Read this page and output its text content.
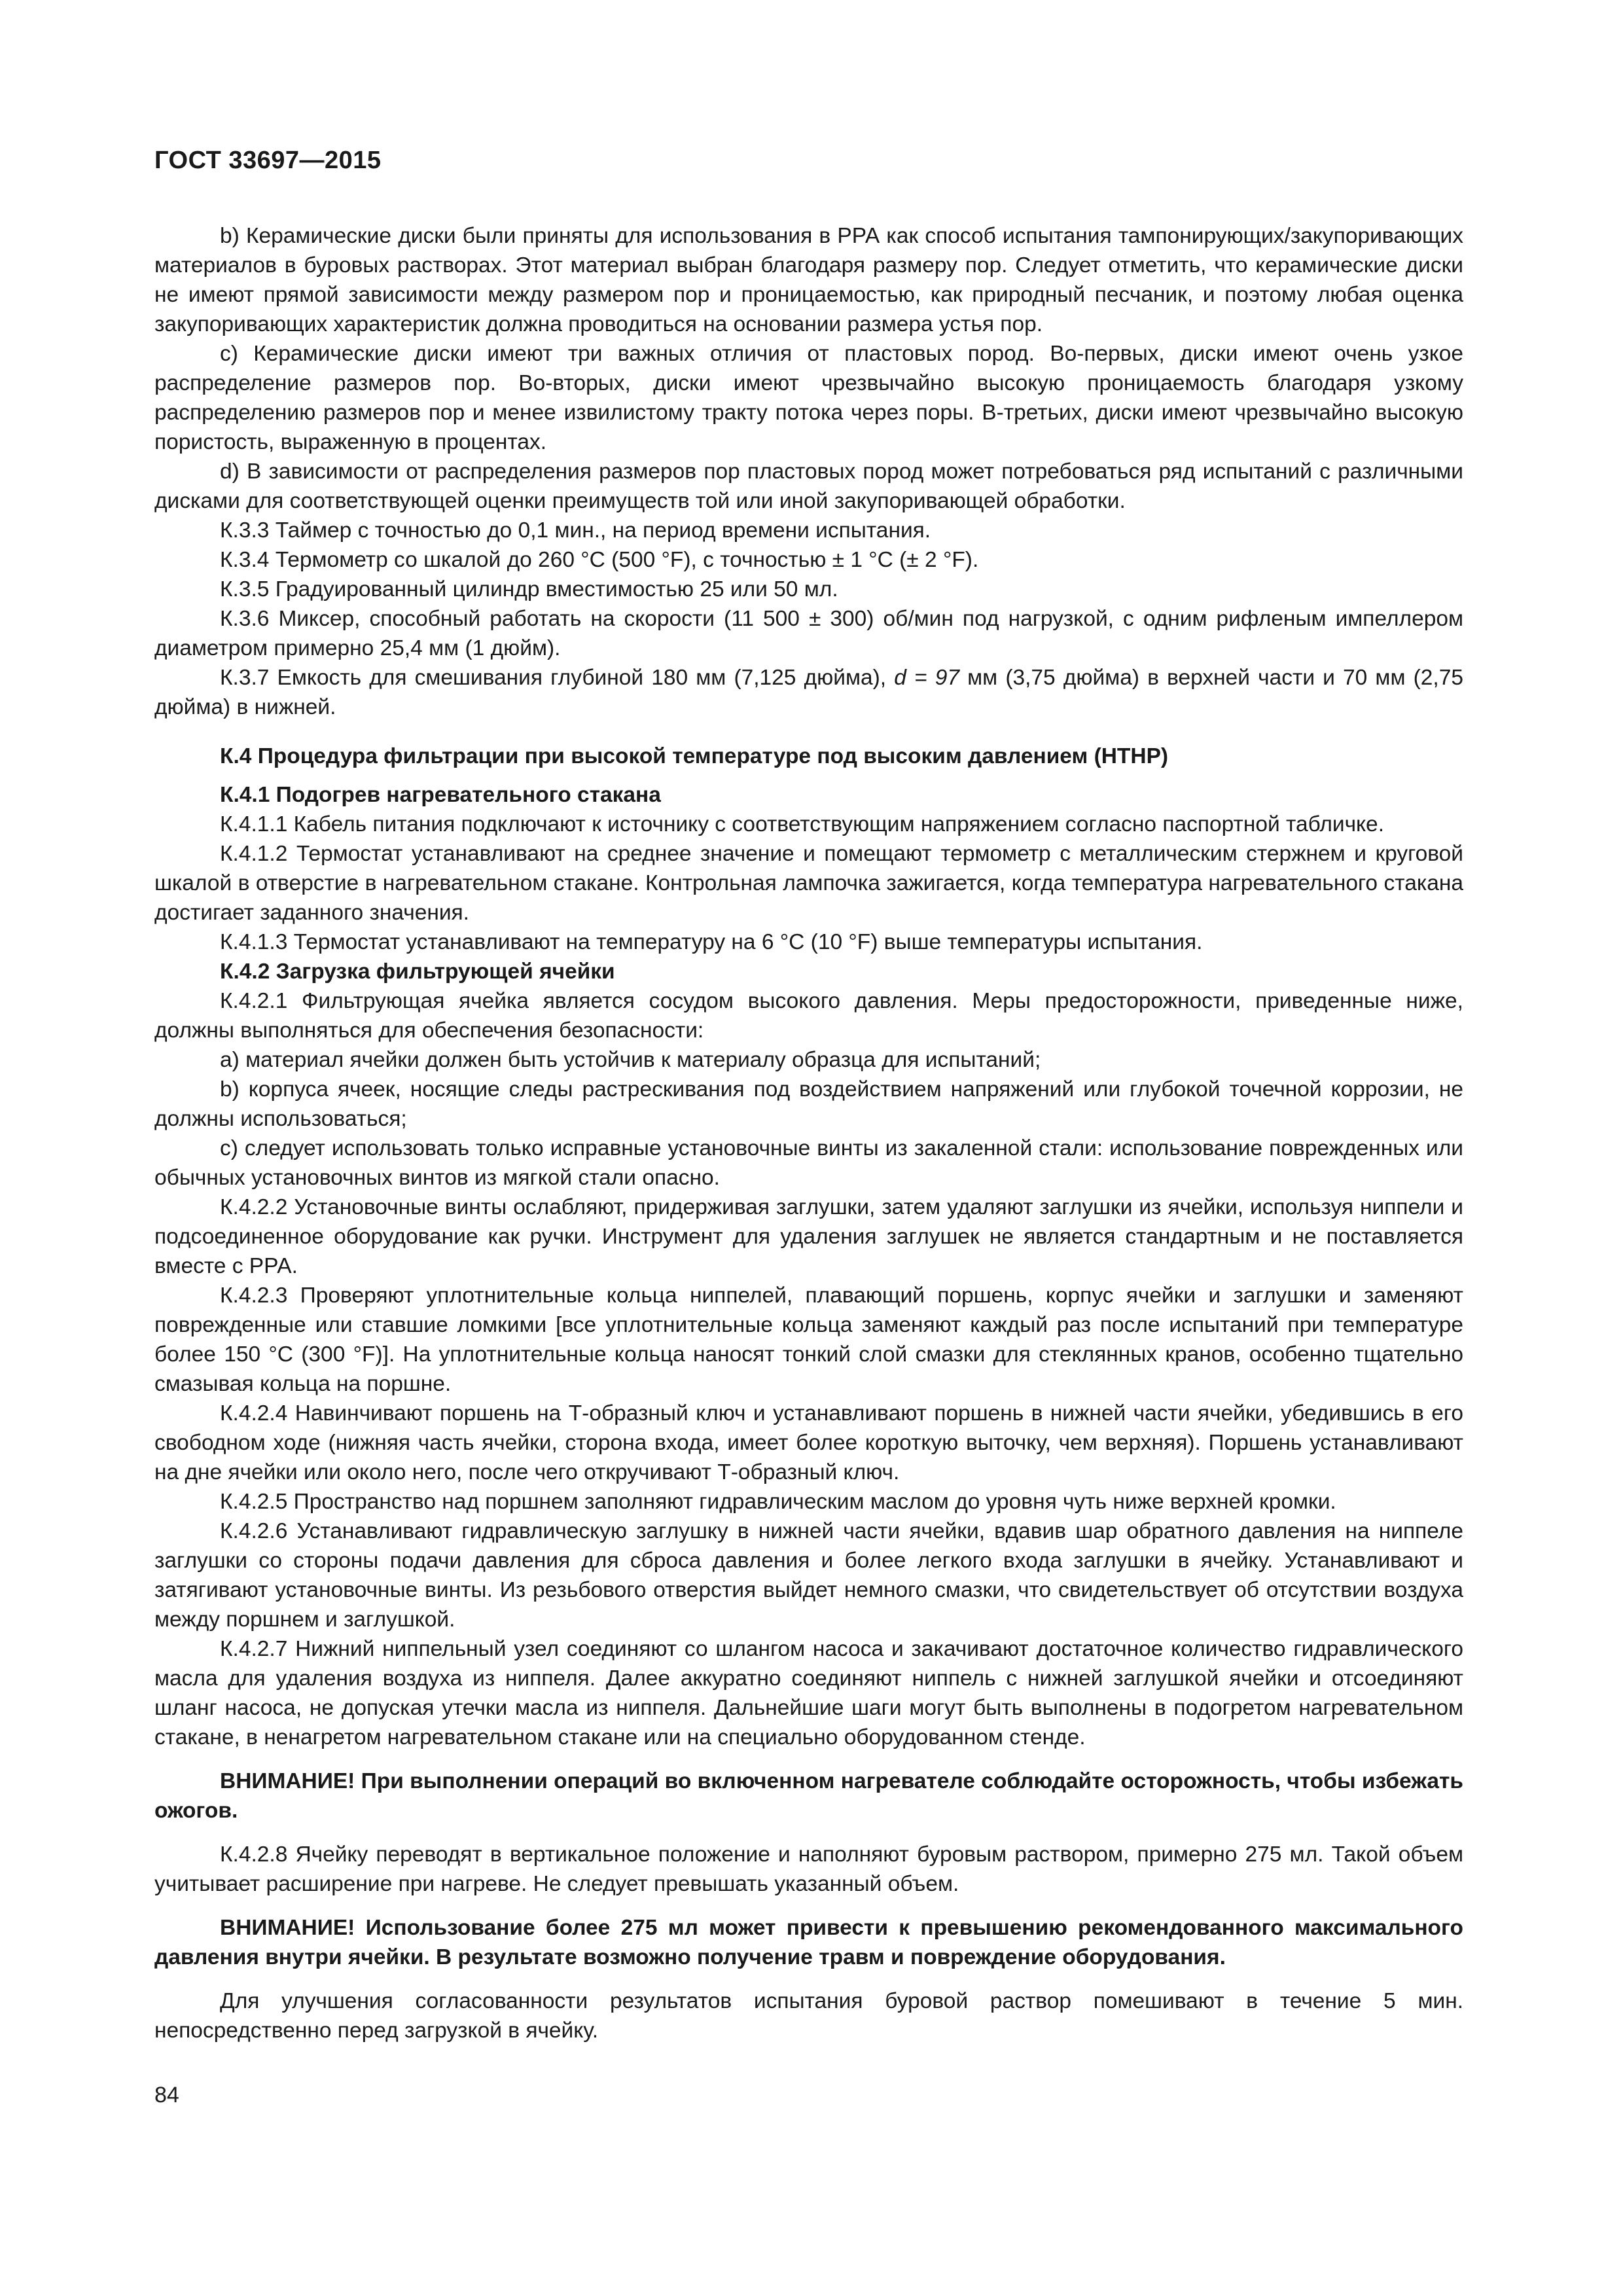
ГОСТ 33697—2015

b) Керамические диски были приняты для использования в РРА как способ испытания тампонирующих/закупоривающих материалов в буровых растворах. Этот материал выбран благодаря размеру пор. Следует отметить, что керамические диски не имеют прямой зависимости между размером пор и проницаемостью, как природный песчаник, и поэтому любая оценка закупоривающих характеристик должна проводиться на основании размера устья пор.

c) Керамические диски имеют три важных отличия от пластовых пород. Во-первых, диски имеют очень узкое распределение размеров пор. Во-вторых, диски имеют чрезвычайно высокую проницаемость благодаря узкому распределению размеров пор и менее извилистому тракту потока через поры. В-третьих, диски имеют чрезвычайно высокую пористость, выраженную в процентах.

d) В зависимости от распределения размеров пор пластовых пород может потребоваться ряд испытаний с различными дисками для соответствующей оценки преимуществ той или иной закупоривающей обработки.

К.3.3 Таймер с точностью до 0,1 мин., на период времени испытания.

К.3.4 Термометр со шкалой до 260 °С (500 °F), с точностью ± 1 °С (± 2 °F).

К.3.5 Градуированный цилиндр вместимостью 25 или 50 мл.

К.3.6 Миксер, способный работать на скорости (11 500 ± 300) об/мин под нагрузкой, с одним рифленым импеллером диаметром примерно 25,4 мм (1 дюйм).

К.3.7 Емкость для смешивания глубиной 180 мм (7,125 дюйма), d = 97 мм (3,75 дюйма) в верхней части и 70 мм (2,75 дюйма) в нижней.

К.4 Процедура фильтрации при высокой температуре под высоким давлением (НТНР)

К.4.1 Подогрев нагревательного стакана

К.4.1.1 Кабель питания подключают к источнику с соответствующим напряжением согласно паспортной табличке.

К.4.1.2 Термостат устанавливают на среднее значение и помещают термометр с металлическим стержнем и круговой шкалой в отверстие в нагревательном стакане. Контрольная лампочка зажигается, когда температура нагревательного стакана достигает заданного значения.

К.4.1.3 Термостат устанавливают на температуру на 6 °С (10 °F) выше температуры испытания.

К.4.2 Загрузка фильтрующей ячейки

К.4.2.1 Фильтрующая ячейка является сосудом высокого давления. Меры предосторожности, приведенные ниже, должны выполняться для обеспечения безопасности:

a) материал ячейки должен быть устойчив к материалу образца для испытаний;

b) корпуса ячеек, носящие следы растрескивания под воздействием напряжений или глубокой точечной коррозии, не должны использоваться;

c) следует использовать только исправные установочные винты из закаленной стали: использование поврежденных или обычных установочных винтов из мягкой стали опасно.

К.4.2.2 Установочные винты ослабляют, придерживая заглушки, затем удаляют заглушки из ячейки, используя ниппели и подсоединенное оборудование как ручки. Инструмент для удаления заглушек не является стандартным и не поставляется вместе с РРА.

К.4.2.3 Проверяют уплотнительные кольца ниппелей, плавающий поршень, корпус ячейки и заглушки и заменяют поврежденные или ставшие ломкими [все уплотнительные кольца заменяют каждый раз после испытаний при температуре более 150 °С (300 °F)]. На уплотнительные кольца наносят тонкий слой смазки для стеклянных кранов, особенно тщательно смазывая кольца на поршне.

К.4.2.4 Навинчивают поршень на Т-образный ключ и устанавливают поршень в нижней части ячейки, убедившись в его свободном ходе (нижняя часть ячейки, сторона входа, имеет более короткую выточку, чем верхняя). Поршень устанавливают на дне ячейки или около него, после чего откручивают Т-образный ключ.

К.4.2.5 Пространство над поршнем заполняют гидравлическим маслом до уровня чуть ниже верхней кромки.

К.4.2.6 Устанавливают гидравлическую заглушку в нижней части ячейки, вдавив шар обратного давления на ниппеле заглушки со стороны подачи давления для сброса давления и более легкого входа заглушки в ячейку. Устанавливают и затягивают установочные винты. Из резьбового отверстия выйдет немного смазки, что свидетельствует об отсутствии воздуха между поршнем и заглушкой.

К.4.2.7 Нижний ниппельный узел соединяют со шлангом насоса и закачивают достаточное количество гидравлического масла для удаления воздуха из ниппеля. Далее аккуратно соединяют ниппель с нижней заглушкой ячейки и отсоединяют шланг насоса, не допуская утечки масла из ниппеля. Дальнейшие шаги могут быть выполнены в подогретом нагревательном стакане, в ненагретом нагревательном стакане или на специально оборудованном стенде.

ВНИМАНИЕ! При выполнении операций во включенном нагревателе соблюдайте осторожность, чтобы избежать ожогов.

К.4.2.8 Ячейку переводят в вертикальное положение и наполняют буровым раствором, примерно 275 мл. Такой объем учитывает расширение при нагреве. Не следует превышать указанный объем.

ВНИМАНИЕ! Использование более 275 мл может привести к превышению рекомендованного максимального давления внутри ячейки. В результате возможно получение травм и повреждение оборудования.

Для улучшения согласованности результатов испытания буровой раствор помешивают в течение 5 мин. непосредственно перед загрузкой в ячейку.

84
